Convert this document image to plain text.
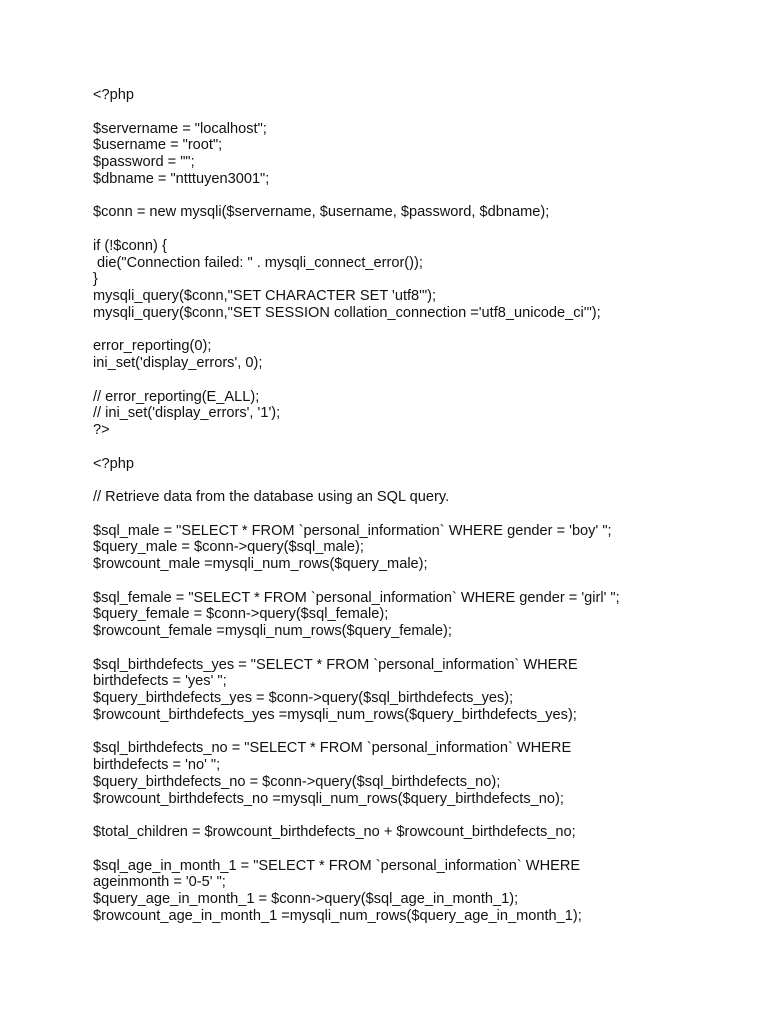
<?php
$servername = "localhost";
$username = "root";
$password = "";
$dbname = "ntttuyen3001";
$conn = new mysqli($servername, $username, $password, $dbname);
if (!$conn) {
die("Connection failed: " . mysqli_connect_error());
}
mysqli_query($conn,"SET CHARACTER SET 'utf8'");
mysqli_query($conn,"SET SESSION collation_connection ='utf8_unicode_ci'");
error_reporting(0);
ini_set('display_errors', 0);
// error_reporting(E_ALL);
// ini_set('display_errors', '1');
?>
<?php
// Retrieve data from the database using an SQL query.
$sql_male = "SELECT * FROM `personal_information` WHERE gender = 'boy' ";
$query_male = $conn->query($sql_male);
$rowcount_male =mysqli_num_rows($query_male);
$sql_female = "SELECT * FROM `personal_information` WHERE gender = 'girl' ";
$query_female = $conn->query($sql_female);
$rowcount_female =mysqli_num_rows($query_female);
$sql_birthdefects_yes = "SELECT * FROM `personal_information` WHERE
birthdefects = 'yes' ";
$query_birthdefects_yes = $conn->query($sql_birthdefects_yes);
$rowcount_birthdefects_yes =mysqli_num_rows($query_birthdefects_yes);
$sql_birthdefects_no = "SELECT * FROM `personal_information` WHERE
birthdefects = 'no' ";
$query_birthdefects_no = $conn->query($sql_birthdefects_no);
$rowcount_birthdefects_no =mysqli_num_rows($query_birthdefects_no);
$total_children = $rowcount_birthdefects_no + $rowcount_birthdefects_no;
$sql_age_in_month_1 = "SELECT * FROM `personal_information` WHERE
ageinmonth = '0-5' ";
$query_age_in_month_1 = $conn->query($sql_age_in_month_1);
$rowcount_age_in_month_1 =mysqli_num_rows($query_age_in_month_1);
